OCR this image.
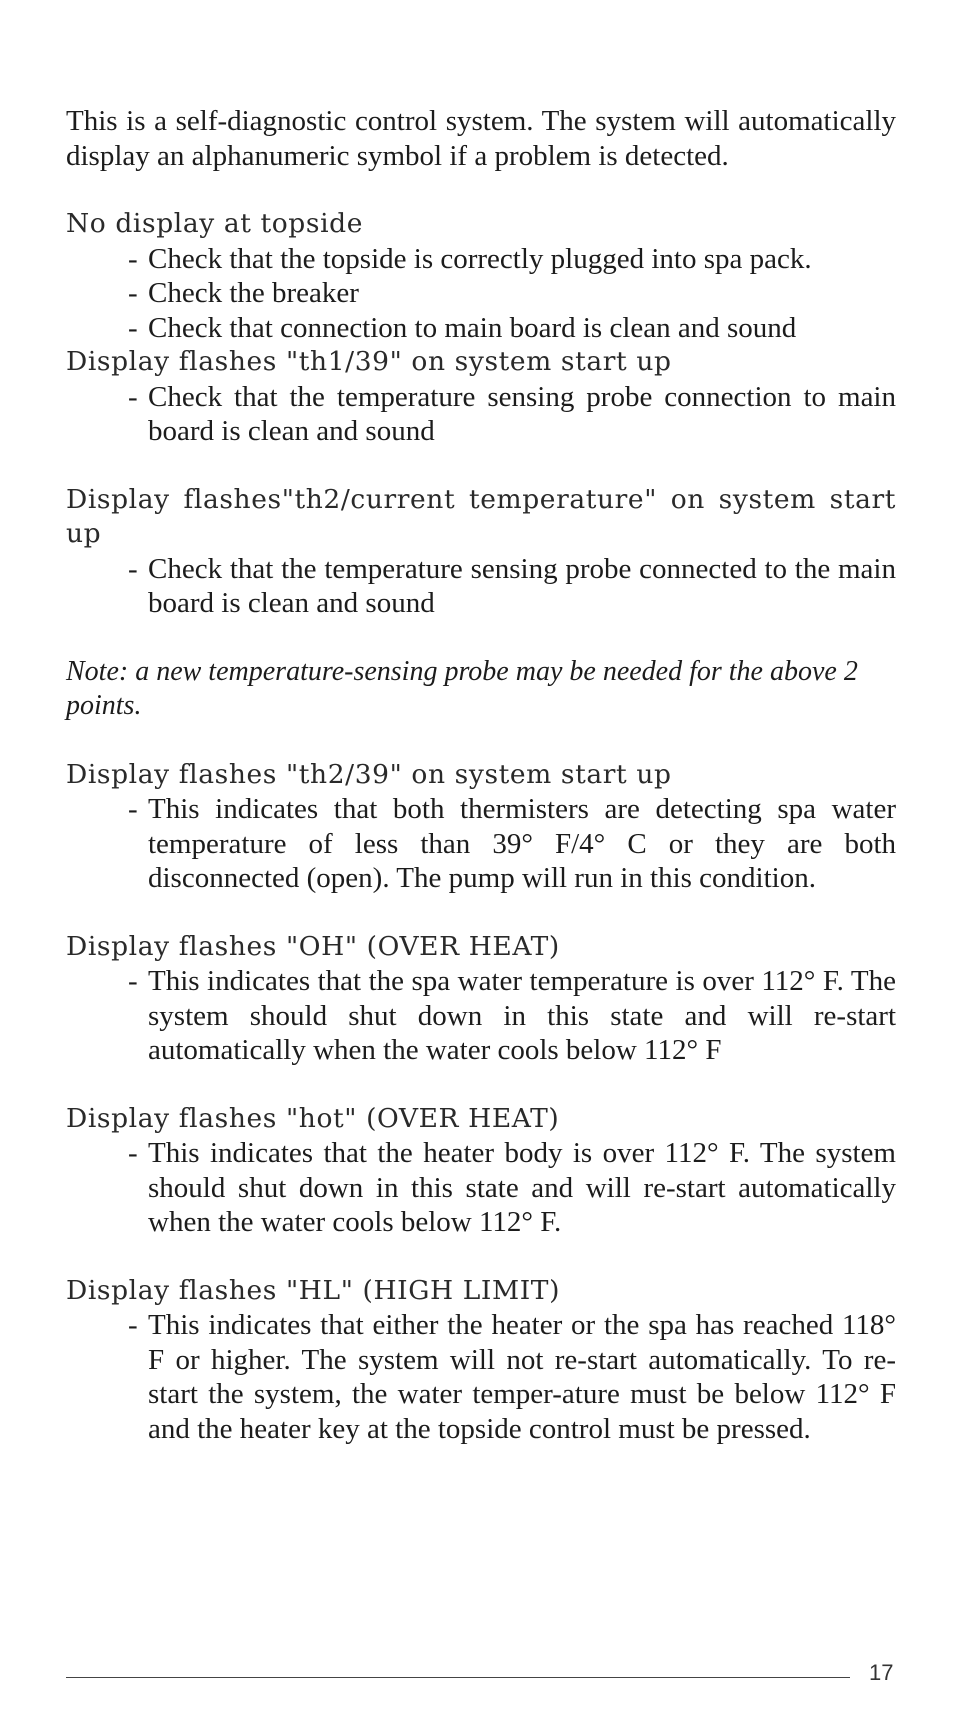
This is a self-diagnostic control system. The system will automatically display an alphanumeric symbol if a problem is detected.

No display at topside

- Check that the topside is correctly plugged into spa pack.
- Check the breaker
- Check that connection to main board is clean and sound

Display flashes "th1/39" on system start up

- Check that the temperature sensing probe connection to main board is clean and sound

Display flashes"th2/current temperature" on system start up

- Check that the temperature sensing probe connected to the main board is clean and sound

Note: a new temperature-sensing probe may be needed for the above 2 points.

Display flashes "th2/39" on system start up

- This indicates that both thermisters are detecting spa water temperature of less than 39° F/4° C or they are both disconnected (open). The pump will run in this condition.

Display flashes "OH" (OVER HEAT)

- This indicates that the spa water temperature is over 112° F. The system should shut down in this state and will re-start automatically when the water cools below 112° F

Display flashes "hot" (OVER HEAT)

- This indicates that the heater body is over 112° F. The system should shut down in this state and will re-start automatically when the water cools below 112° F.

Display flashes "HL" (HIGH LIMIT)

- This indicates that either the heater or the spa has reached 118° F or higher. The system will not re-start automatically. To re-start the system, the water temper-ature must be below 112° F and the heater key at the topside control must be pressed.
17
